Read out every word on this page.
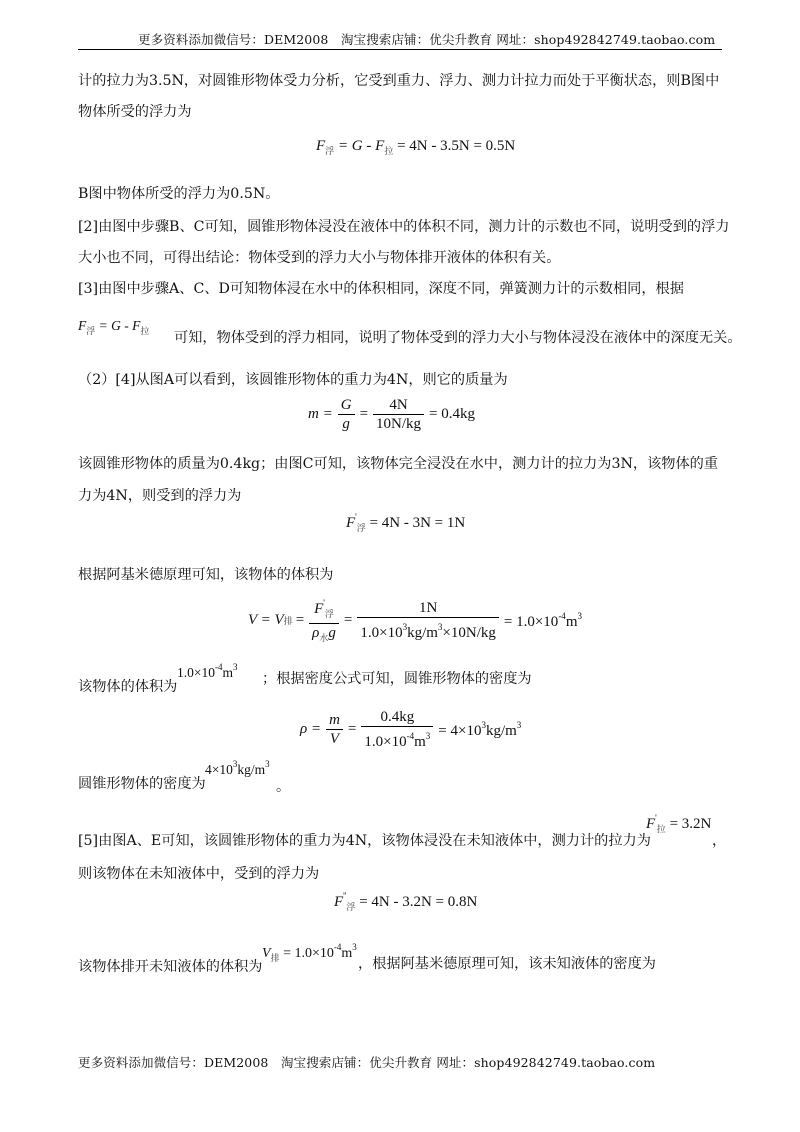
更多资料添加微信号：DEM2008　淘宝搜索店铺：优尖升教育 网址：shop492842749.taobao.com
计的拉力为3.5N，对圆锥形物体受力分析，它受到重力、浮力、测力计拉力而处于平衡状态，则B图中
物体所受的浮力为
$F_浮 = G - F_拉 = 4N - 3.5N = 0.5N$
B图中物体所受的浮力为0.5N。
[2]由图中步骤B、C可知，圆锥形物体浸没在液体中的体积不同，测力计的示数也不同，说明受到的浮力
大小也不同，可得出结论：物体受到的浮力大小与物体排开液体的体积有关。
[3]由图中步骤A、C、D可知物体浸在水中的体积相同，深度不同，弹簧测力计的示数相同，根据
$F_浮 = G - F_拉$ 可知，物体受到的浮力相同，说明了物体受到的浮力大小与物体浸没在液体中的深度无关。
（2）[4]从图A可以看到，该圆锥形物体的重力为4N，则它的质量为
$m = \frac{G}{g} = \frac{4N}{10N/kg} = 0.4kg$
该圆锥形物体的质量为0.4kg；由图C可知，该物体完全浸没在水中，测力计的拉力为3N，该物体的重
力为4N，则受到的浮力为
$F'_浮 = 4N - 3N = 1N$
根据阿基米德原理可知，该物体的体积为
V = V 排 = $\frac{F'_浮}{\rho_水g} = \frac{1N}{1.0\times 10^3kg/m^3\times 10N/kg} = 1.0\times 10^{-4}m^3$
该物体的体积为
$1.0\times 10^{-4}m^3$
；根据密度公式可知，圆锥形物体的密度为
$\rho = \frac{m}{V} = \frac{0.4kg}{1.0\times 10^{-4}m^3} = 4\times 10^3kg/m^3$
圆锥形物体的密度为
$4\times 10^3kg/m^3$
。
[5]由图A、E可知，该圆锥形物体的重力为4N，该物体浸没在未知液体中，测力计的拉力为
$F'_拉 = 3.2N$
，
则该物体在未知液体中，受到的浮力为
$F''_浮 = 4N - 3.2N = 0.8N$
该物体排开未知液体的体积为
$V_排 = 1.0\times 10^{-4}m^3$
，根据阿基米德原理可知，该未知液体的密度为
更多资料添加微信号：DEM2008　淘宝搜索店铺：优尖升教育 网址：shop492842749.taobao.com
